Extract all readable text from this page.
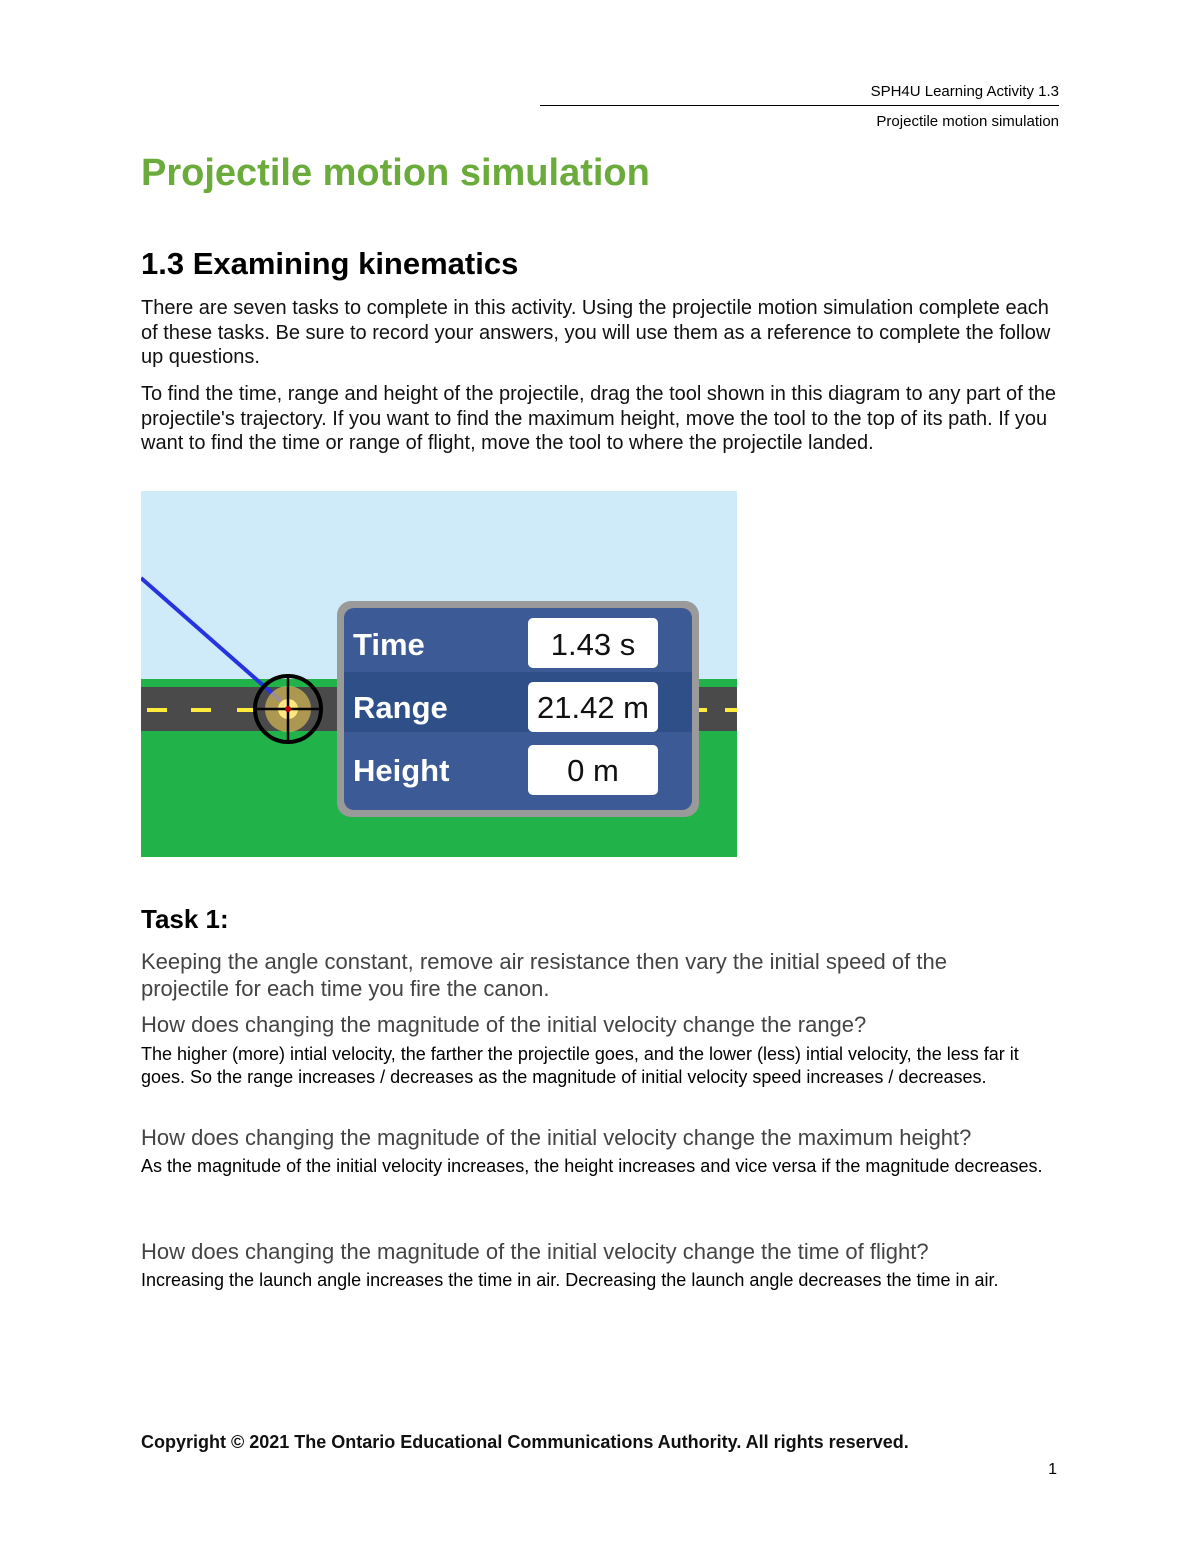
SPH4U Learning Activity 1.3
Projectile motion simulation
Projectile motion simulation
1.3 Examining kinematics
There are seven tasks to complete in this activity. Using the projectile motion simulation complete each of these tasks. Be sure to record your answers, you will use them as a reference to complete the follow up questions.
To find the time, range and height of the projectile, drag the tool shown in this diagram to any part of the projectile's trajectory. If you want to find the maximum height, move the tool to the top of its path. If you want to find the time or range of flight, move the tool to where the projectile landed.
Time
Range
Height
1.43 s
21.42 m
0 m
Task 1:
Keeping the angle constant, remove air resistance then vary the initial speed of the projectile for each time you fire the canon.
How does changing the magnitude of the initial velocity change the range?
The higher (more) intial velocity, the farther the projectile goes, and the lower (less) intial velocity, the less far it goes. So the range increases / decreases as the magnitude of initial velocity speed increases / decreases.
How does changing the magnitude of the initial velocity change the maximum height?
As the magnitude of the initial velocity increases, the height increases and vice versa if the magnitude decreases.
How does changing the magnitude of the initial velocity change the time of flight?
Increasing the launch angle increases the time in air. Decreasing the launch angle decreases the time in air.
Copyright © 2021 The Ontario Educational Communications Authority. All rights reserved.
1
